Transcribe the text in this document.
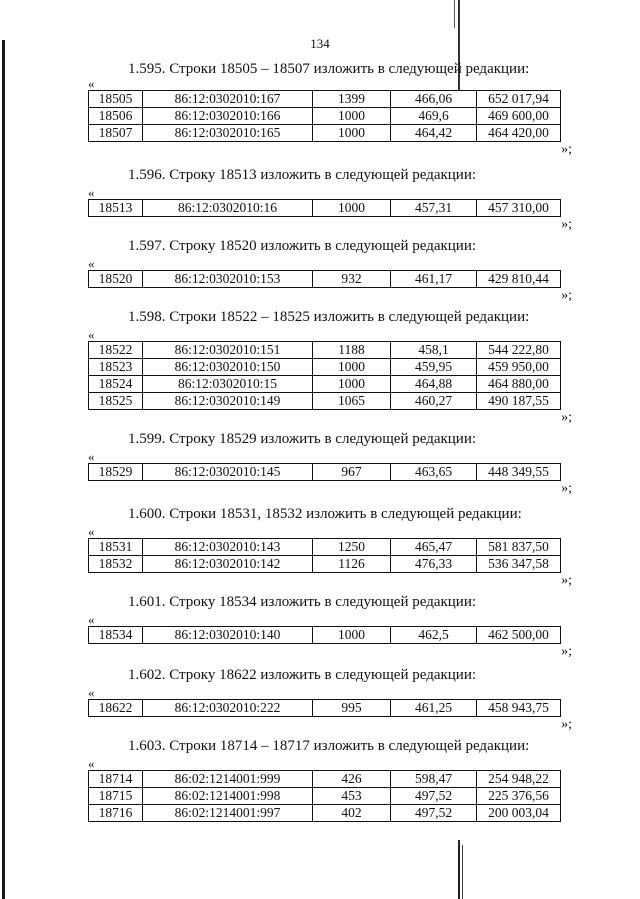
134

1.595. Строки 18505 – 18507 изложить в следующей редакции:

«

18505	86:12:0302010:167	1399	466,06	652 017,94
18506	86:12:0302010:166	1000	469,6	469 600,00
18507	86:12:0302010:165	1000	464,42	464 420,00

»;

1.596. Строку 18513 изложить в следующей редакции:

«

18513	86:12:0302010:16	1000	457,31	457 310,00

»;

1.597. Строку 18520 изложить в следующей редакции:

«

18520	86:12:0302010:153	932	461,17	429 810,44

»;

1.598. Строки 18522 – 18525 изложить в следующей редакции:

«

18522	86:12:0302010:151	1188	458,1	544 222,80
18523	86:12:0302010:150	1000	459,95	459 950,00
18524	86:12:0302010:15	1000	464,88	464 880,00
18525	86:12:0302010:149	1065	460,27	490 187,55

»;

1.599. Строку 18529 изложить в следующей редакции:

«

18529	86:12:0302010:145	967	463,65	448 349,55

»;

1.600. Строки 18531, 18532 изложить в следующей редакции:

«

18531	86:12:0302010:143	1250	465,47	581 837,50
18532	86:12:0302010:142	1126	476,33	536 347,58

»;

1.601. Строку 18534 изложить в следующей редакции:

«

18534	86:12:0302010:140	1000	462,5	462 500,00

»;

1.602. Строку 18622 изложить в следующей редакции:

«

18622	86:12:0302010:222	995	461,25	458 943,75

»;

1.603. Строки 18714 – 18717 изложить в следующей редакции:

«

18714	86:02:1214001:999	426	598,47	254 948,22
18715	86:02:1214001:998	453	497,52	225 376,56
18716	86:02:1214001:997	402	497,52	200 003,04
